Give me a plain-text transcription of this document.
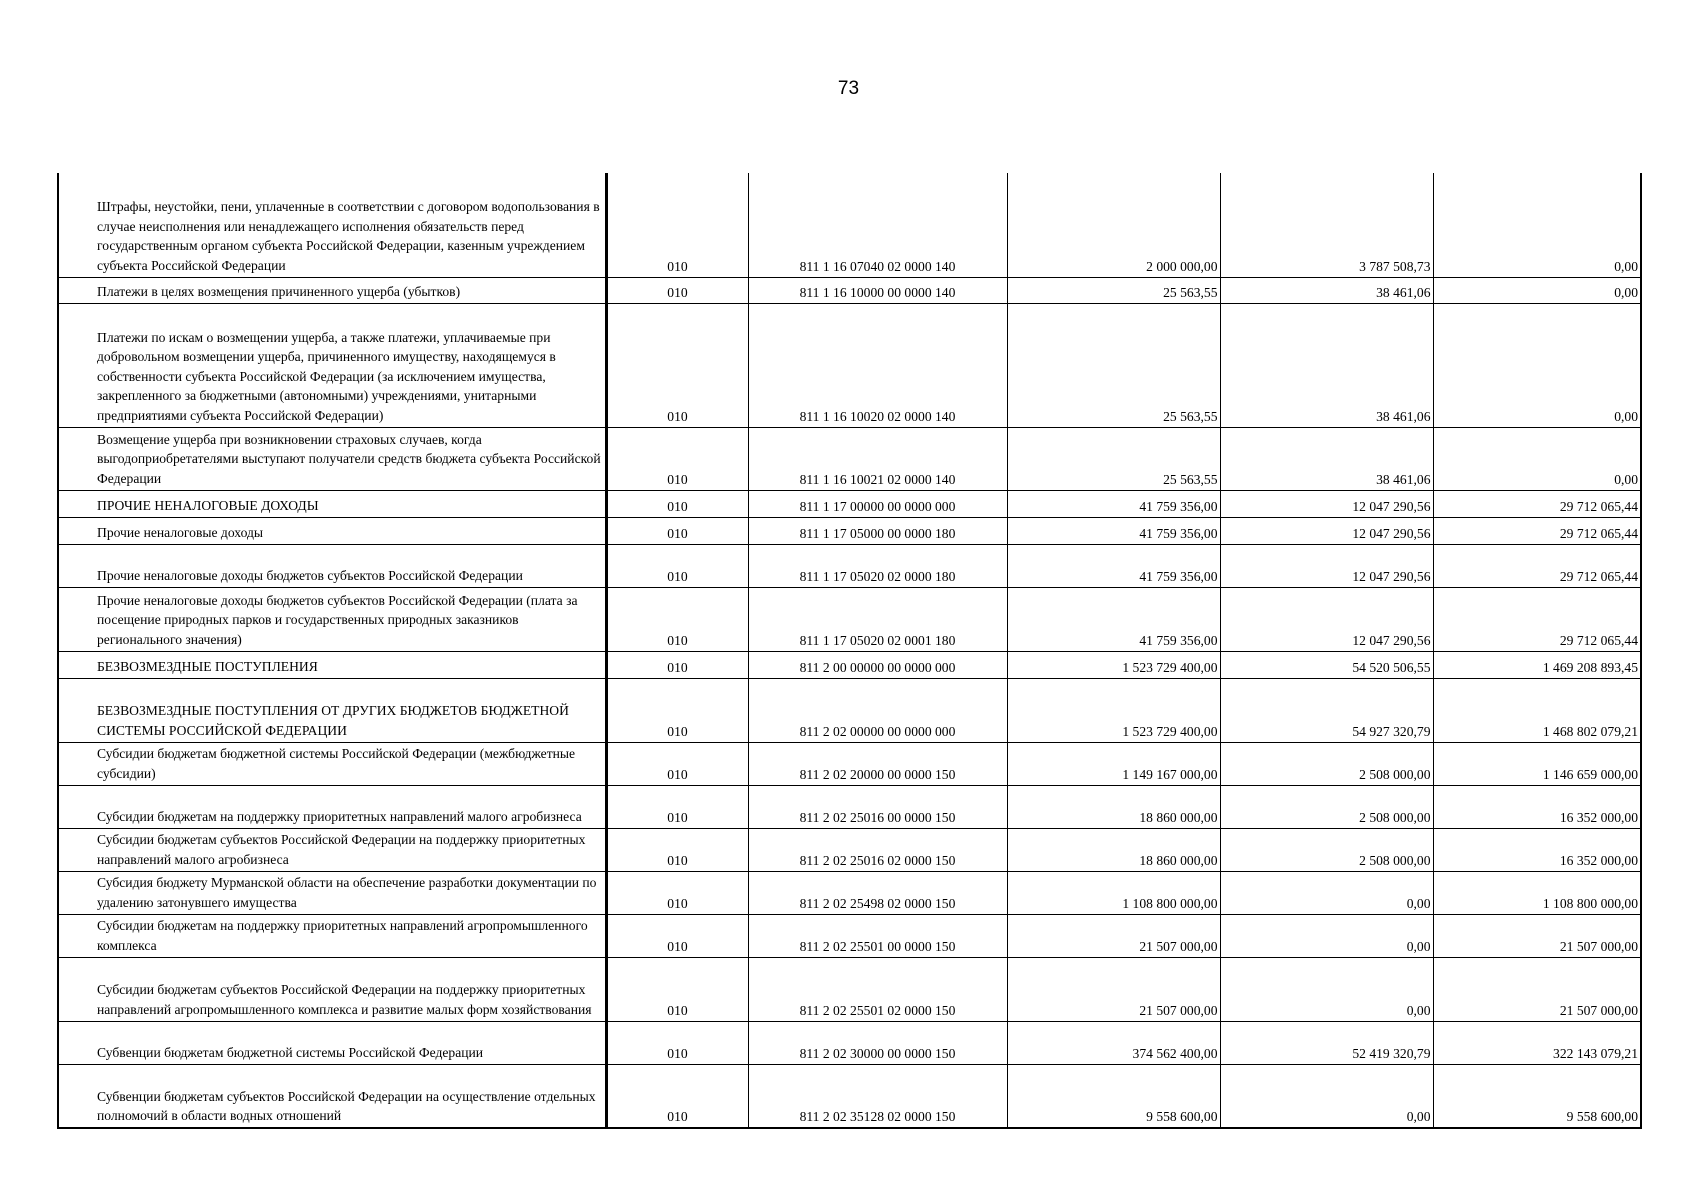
73
Штрафы, неустойки, пени, уплаченные в соответствии с договором водопользования в случае неисполнения или ненадлежащего исполнения обязательств перед государственным органом субъекта Российской Федерации, казенным учреждением субъекта Российской Федерации	010	811 1 16 07040 02 0000 140	2 000 000,00	3 787 508,73	0,00
Платежи в целях возмещения причиненного ущерба (убытков)	010	811 1 16 10000 00 0000 140	25 563,55	38 461,06	0,00
Платежи по искам о возмещении ущерба, а также платежи, уплачиваемые при добровольном возмещении ущерба, причиненного имуществу, находящемуся в собственности субъекта Российской Федерации (за исключением имущества, закрепленного за бюджетными (автономными) учреждениями, унитарными предприятиями субъекта Российской Федерации)	010	811 1 16 10020 02 0000 140	25 563,55	38 461,06	0,00
Возмещение ущерба при возникновении страховых случаев, когда выгодоприобретателями выступают получатели средств бюджета субъекта Российской Федерации	010	811 1 16 10021 02 0000 140	25 563,55	38 461,06	0,00
ПРОЧИЕ НЕНАЛОГОВЫЕ ДОХОДЫ	010	811 1 17 00000 00 0000 000	41 759 356,00	12 047 290,56	29 712 065,44
Прочие неналоговые доходы	010	811 1 17 05000 00 0000 180	41 759 356,00	12 047 290,56	29 712 065,44
Прочие неналоговые доходы бюджетов субъектов Российской Федерации	010	811 1 17 05020 02 0000 180	41 759 356,00	12 047 290,56	29 712 065,44
Прочие неналоговые доходы бюджетов субъектов Российской Федерации (плата за посещение природных парков и государственных природных заказников регионального значения)	010	811 1 17 05020 02 0001 180	41 759 356,00	12 047 290,56	29 712 065,44
БЕЗВОЗМЕЗДНЫЕ ПОСТУПЛЕНИЯ	010	811 2 00 00000 00 0000 000	1 523 729 400,00	54 520 506,55	1 469 208 893,45
БЕЗВОЗМЕЗДНЫЕ ПОСТУПЛЕНИЯ ОТ ДРУГИХ БЮДЖЕТОВ БЮДЖЕТНОЙ СИСТЕМЫ РОССИЙСКОЙ ФЕДЕРАЦИИ	010	811 2 02 00000 00 0000 000	1 523 729 400,00	54 927 320,79	1 468 802 079,21
Субсидии бюджетам бюджетной системы Российской Федерации (межбюджетные субсидии)	010	811 2 02 20000 00 0000 150	1 149 167 000,00	2 508 000,00	1 146 659 000,00
Субсидии бюджетам на поддержку приоритетных направлений малого агробизнеса	010	811 2 02 25016 00 0000 150	18 860 000,00	2 508 000,00	16 352 000,00
Субсидии бюджетам субъектов Российской Федерации на поддержку приоритетных направлений малого агробизнеса	010	811 2 02 25016 02 0000 150	18 860 000,00	2 508 000,00	16 352 000,00
Субсидия бюджету Мурманской области на обеспечение разработки документации по удалению затонувшего имущества	010	811 2 02 25498 02 0000 150	1 108 800 000,00	0,00	1 108 800 000,00
Субсидии бюджетам на поддержку приоритетных направлений агропромышленного комплекса	010	811 2 02 25501 00 0000 150	21 507 000,00	0,00	21 507 000,00
Субсидии бюджетам субъектов Российской Федерации на поддержку приоритетных направлений агропромышленного комплекса и развитие малых форм хозяйствования	010	811 2 02 25501 02 0000 150	21 507 000,00	0,00	21 507 000,00
Субвенции бюджетам бюджетной системы Российской Федерации	010	811 2 02 30000 00 0000 150	374 562 400,00	52 419 320,79	322 143 079,21
Субвенции бюджетам субъектов Российской Федерации на осуществление отдельных полномочий в области водных отношений	010	811 2 02 35128 02 0000 150	9 558 600,00	0,00	9 558 600,00
